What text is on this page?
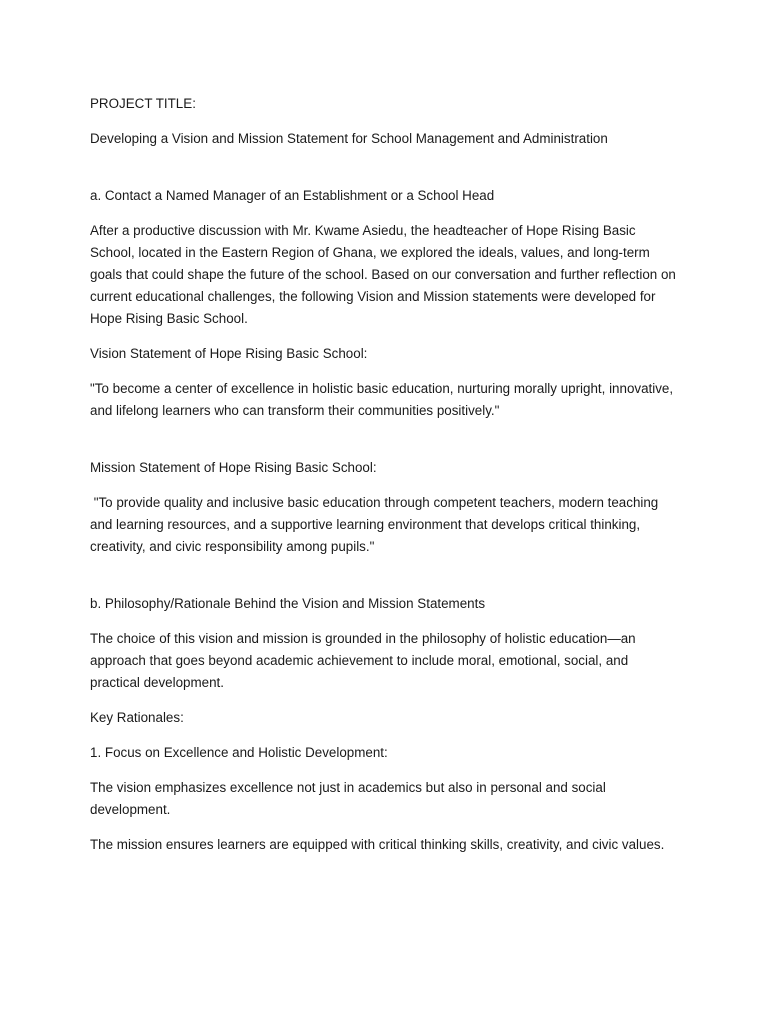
PROJECT TITLE:

Developing a Vision and Mission Statement for School Management and Administration

a. Contact a Named Manager of an Establishment or a School Head

After a productive discussion with Mr. Kwame Asiedu, the headteacher of Hope Rising Basic School, located in the Eastern Region of Ghana, we explored the ideals, values, and long-term goals that could shape the future of the school. Based on our conversation and further reflection on current educational challenges, the following Vision and Mission statements were developed for Hope Rising Basic School.

Vision Statement of Hope Rising Basic School:

"To become a center of excellence in holistic basic education, nurturing morally upright, innovative, and lifelong learners who can transform their communities positively."

Mission Statement of Hope Rising Basic School:

"To provide quality and inclusive basic education through competent teachers, modern teaching and learning resources, and a supportive learning environment that develops critical thinking, creativity, and civic responsibility among pupils."

b. Philosophy/Rationale Behind the Vision and Mission Statements

The choice of this vision and mission is grounded in the philosophy of holistic education—an approach that goes beyond academic achievement to include moral, emotional, social, and practical development.

Key Rationales:

1. Focus on Excellence and Holistic Development:

The vision emphasizes excellence not just in academics but also in personal and social development.

The mission ensures learners are equipped with critical thinking skills, creativity, and civic values.
